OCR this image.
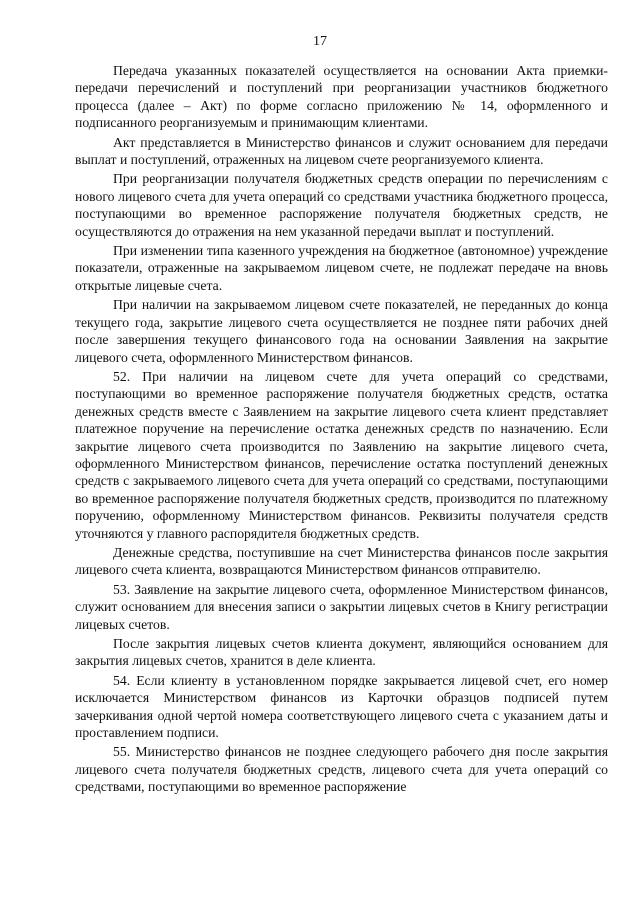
17

Передача указанных показателей осуществляется на основании Акта приемки-передачи перечислений и поступлений при реорганизации участников бюджетного процесса (далее – Акт) по форме согласно приложению № 14, оформленного и подписанного реорганизуемым и принимающим клиентами.

Акт представляется в Министерство финансов и служит основанием для передачи выплат и поступлений, отраженных на лицевом счете реорганизуемого клиента.

При реорганизации получателя бюджетных средств операции по перечислениям с нового лицевого счета для учета операций со средствами участника бюджетного процесса, поступающими во временное распоряжение получателя бюджетных средств, не осуществляются до отражения на нем указанной передачи выплат и поступлений.

При изменении типа казенного учреждения на бюджетное (автономное) учреждение показатели, отраженные на закрываемом лицевом счете, не подлежат передаче на вновь открытые лицевые счета.

При наличии на закрываемом лицевом счете показателей, не переданных до конца текущего года, закрытие лицевого счета осуществляется не позднее пяти рабочих дней после завершения текущего финансового года на основании Заявления на закрытие лицевого счета, оформленного Министерством финансов.

52. При наличии на лицевом счете для учета операций со средствами, поступающими во временное распоряжение получателя бюджетных средств, остатка денежных средств вместе с Заявлением на закрытие лицевого счета клиент представляет платежное поручение на перечисление остатка денежных средств по назначению. Если закрытие лицевого счета производится по Заявлению на закрытие лицевого счета, оформленного Министерством финансов, перечисление остатка поступлений денежных средств с закрываемого лицевого счета для учета операций со средствами, поступающими во временное распоряжение получателя бюджетных средств, производится по платежному поручению, оформленному Министерством финансов. Реквизиты получателя средств уточняются у главного распорядителя бюджетных средств.

Денежные средства, поступившие на счет Министерства финансов после закрытия лицевого счета клиента, возвращаются Министерством финансов отправителю.

53. Заявление на закрытие лицевого счета, оформленное Министерством финансов, служит основанием для внесения записи о закрытии лицевых счетов в Книгу регистрации лицевых счетов.

После закрытия лицевых счетов клиента документ, являющийся основанием для закрытия лицевых счетов, хранится в деле клиента.

54. Если клиенту в установленном порядке закрывается лицевой счет, его номер исключается Министерством финансов из Карточки образцов подписей путем зачеркивания одной чертой номера соответствующего лицевого счета с указанием даты и проставлением подписи.

55. Министерство финансов не позднее следующего рабочего дня после закрытия лицевого счета получателя бюджетных средств, лицевого счета для учета операций со средствами, поступающими во временное распоряжение
